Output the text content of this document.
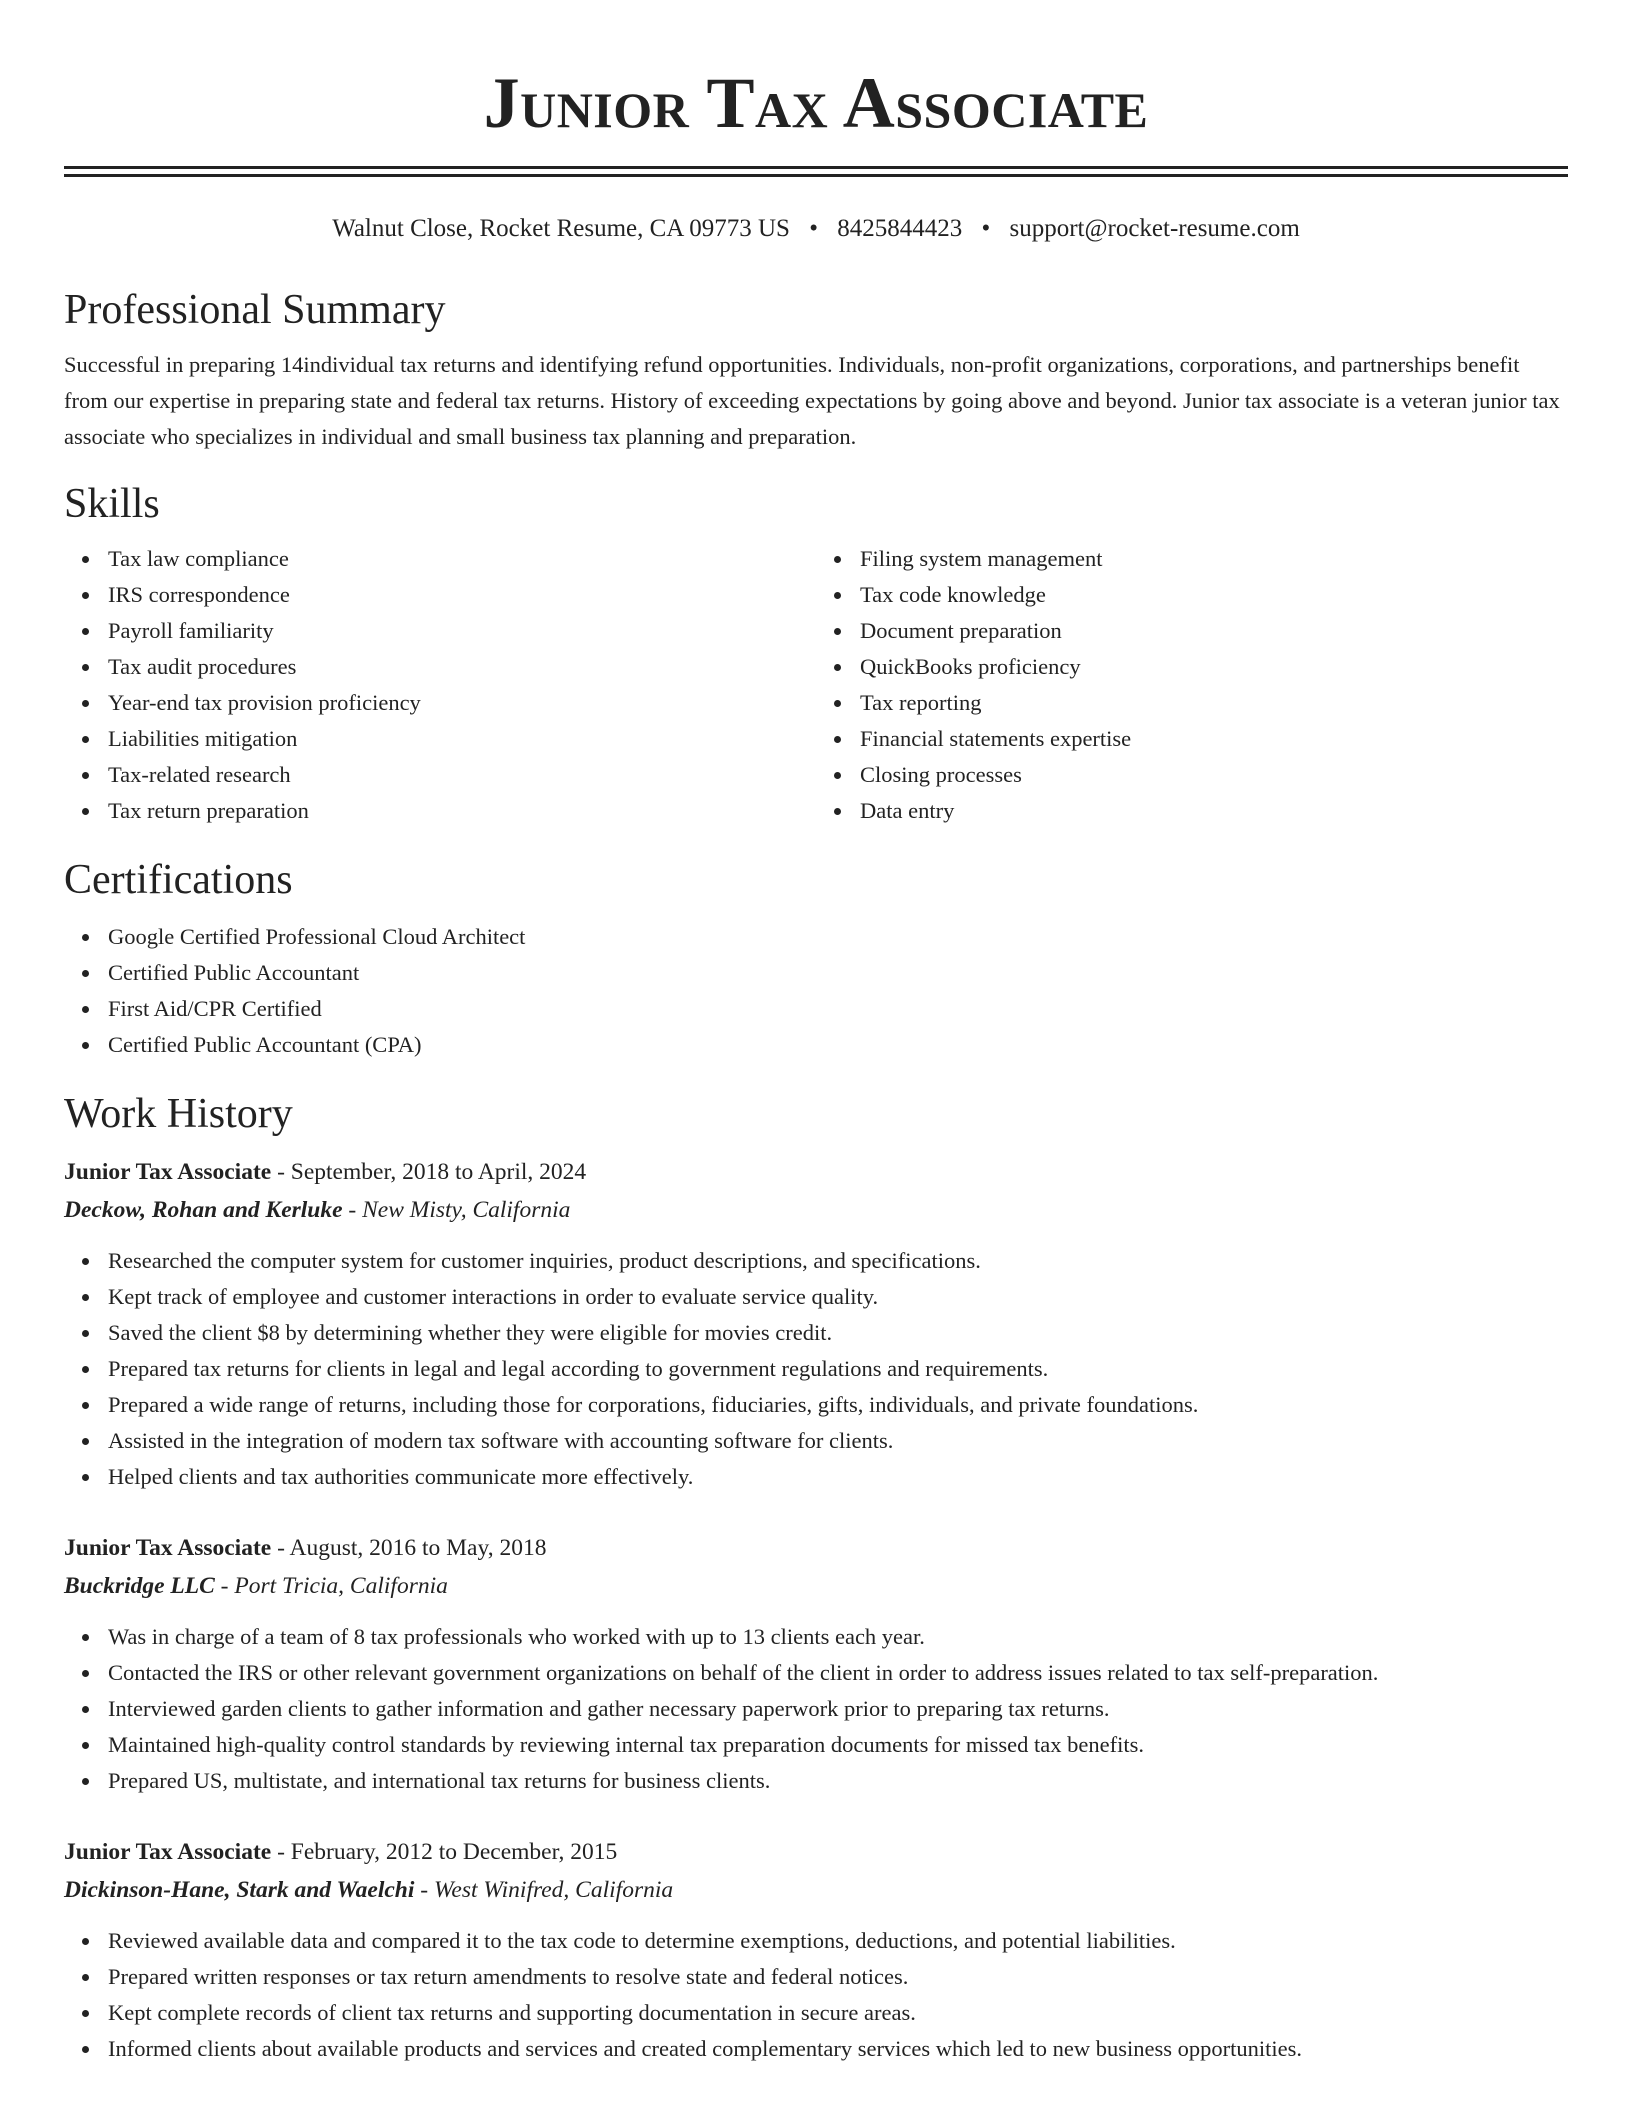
Junior Tax Associate
Walnut Close, Rocket Resume, CA 09773 US • 8425844423 • support@rocket-resume.com
Professional Summary

Successful in preparing 14individual tax returns and identifying refund opportunities. Individuals, non-profit organizations, corporations, and partnerships benefit from our expertise in preparing state and federal tax returns. History of exceeding expectations by going above and beyond. Junior tax associate is a veteran junior tax associate who specializes in individual and small business tax planning and preparation.

Skills
Tax law compliance
IRS correspondence
Payroll familiarity
Tax audit procedures
Year-end tax provision proficiency
Liabilities mitigation
Tax-related research
Tax return preparation
Filing system management
Tax code knowledge
Document preparation
QuickBooks proficiency
Tax reporting
Financial statements expertise
Closing processes
Data entry
Certifications
Google Certified Professional Cloud Architect
Certified Public Accountant
First Aid/CPR Certified
Certified Public Accountant (CPA)
Work History
Junior Tax Associate - September, 2018 to April, 2024
Deckow, Rohan and Kerluke - New Misty, California
Researched the computer system for customer inquiries, product descriptions, and specifications.
Kept track of employee and customer interactions in order to evaluate service quality.
Saved the client $8 by determining whether they were eligible for movies credit.
Prepared tax returns for clients in legal and legal according to government regulations and requirements.
Prepared a wide range of returns, including those for corporations, fiduciaries, gifts, individuals, and private foundations.
Assisted in the integration of modern tax software with accounting software for clients.
Helped clients and tax authorities communicate more effectively.
Junior Tax Associate - August, 2016 to May, 2018
Buckridge LLC - Port Tricia, California
Was in charge of a team of 8 tax professionals who worked with up to 13 clients each year.
Contacted the IRS or other relevant government organizations on behalf of the client in order to address issues related to tax self-preparation.
Interviewed garden clients to gather information and gather necessary paperwork prior to preparing tax returns.
Maintained high-quality control standards by reviewing internal tax preparation documents for missed tax benefits.
Prepared US, multistate, and international tax returns for business clients.
Junior Tax Associate - February, 2012 to December, 2015
Dickinson-Hane, Stark and Waelchi - West Winifred, California
Reviewed available data and compared it to the tax code to determine exemptions, deductions, and potential liabilities.
Prepared written responses or tax return amendments to resolve state and federal notices.
Kept complete records of client tax returns and supporting documentation in secure areas.
Informed clients about available products and services and created complementary services which led to new business opportunities.
